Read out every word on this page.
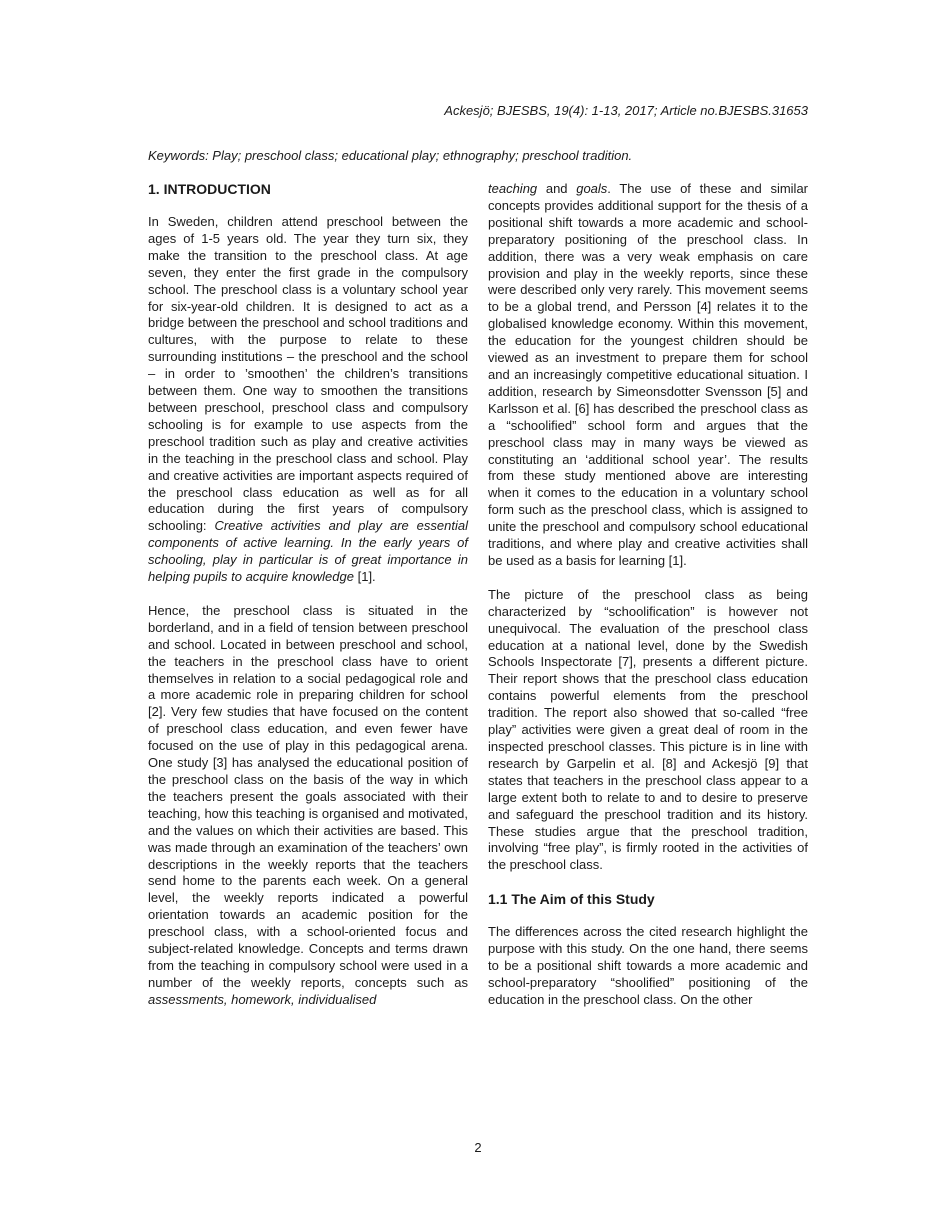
Ackesjö; BJESBS, 19(4): 1-13, 2017; Article no.BJESBS.31653
Keywords: Play; preschool class; educational play; ethnography; preschool tradition.
1. INTRODUCTION
In Sweden, children attend preschool between the ages of 1-5 years old. The year they turn six, they make the transition to the preschool class. At age seven, they enter the first grade in the compulsory school. The preschool class is a voluntary school year for six-year-old children. It is designed to act as a bridge between the preschool and school traditions and cultures, with the purpose to relate to these surrounding institutions – the preschool and the school – in order to ’smoothen’ the children’s transitions between them. One way to smoothen the transitions between preschool, preschool class and compulsory schooling is for example to use aspects from the preschool tradition such as play and creative activities in the teaching in the preschool class and school. Play and creative activities are important aspects required of the preschool class education as well as for all education during the first years of compulsory schooling: Creative activities and play are essential components of active learning. In the early years of schooling, play in particular is of great importance in helping pupils to acquire knowledge [1].
Hence, the preschool class is situated in the borderland, and in a field of tension between preschool and school. Located in between preschool and school, the teachers in the preschool class have to orient themselves in relation to a social pedagogical role and a more academic role in preparing children for school [2]. Very few studies that have focused on the content of preschool class education, and even fewer have focused on the use of play in this pedagogical arena. One study [3] has analysed the educational position of the preschool class on the basis of the way in which the teachers present the goals associated with their teaching, how this teaching is organised and motivated, and the values on which their activities are based. This was made through an examination of the teachers’ own descriptions in the weekly reports that the teachers send home to the parents each week. On a general level, the weekly reports indicated a powerful orientation towards an academic position for the preschool class, with a school-oriented focus and subject-related knowledge. Concepts and terms drawn from the teaching in compulsory school were used in a number of the weekly reports, concepts such as assessments, homework, individualised
teaching and goals. The use of these and similar concepts provides additional support for the thesis of a positional shift towards a more academic and school-preparatory positioning of the preschool class. In addition, there was a very weak emphasis on care provision and play in the weekly reports, since these were described only very rarely. This movement seems to be a global trend, and Persson [4] relates it to the globalised knowledge economy. Within this movement, the education for the youngest children should be viewed as an investment to prepare them for school and an increasingly competitive educational situation. I addition, research by Simeonsdotter Svensson [5] and Karlsson et al. [6] has described the preschool class as a “schoolified” school form and argues that the preschool class may in many ways be viewed as constituting an ‘additional school year’. The results from these study mentioned above are interesting when it comes to the education in a voluntary school form such as the preschool class, which is assigned to unite the preschool and compulsory school educational traditions, and where play and creative activities shall be used as a basis for learning [1].
The picture of the preschool class as being characterized by “schoolification” is however not unequivocal. The evaluation of the preschool class education at a national level, done by the Swedish Schools Inspectorate [7], presents a different picture. Their report shows that the preschool class education contains powerful elements from the preschool tradition. The report also showed that so-called “free play” activities were given a great deal of room in the inspected preschool classes. This picture is in line with research by Garpelin et al. [8] and Ackesjö [9] that states that teachers in the preschool class appear to a large extent both to relate to and to desire to preserve and safeguard the preschool tradition and its history. These studies argue that the preschool tradition, involving “free play”, is firmly rooted in the activities of the preschool class.
1.1 The Aim of this Study
The differences across the cited research highlight the purpose with this study. On the one hand, there seems to be a positional shift towards a more academic and school-preparatory “shoolified” positioning of the education in the preschool class. On the other
2
